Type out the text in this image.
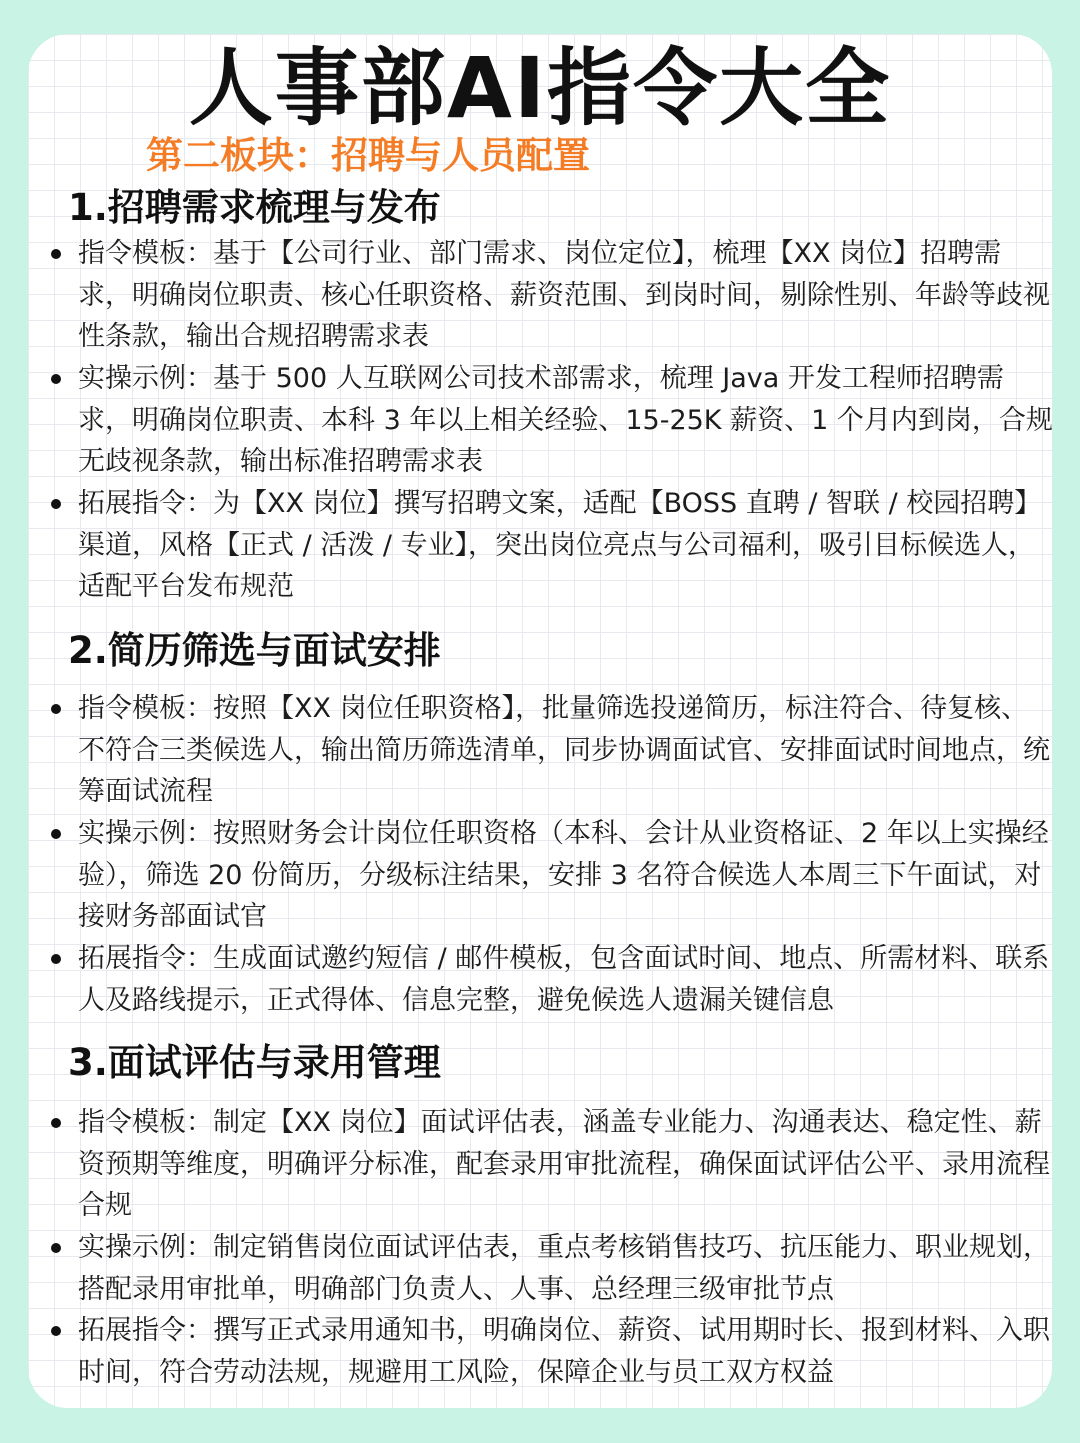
人事部AI指令大全
第二板块：招聘与人员配置
1.招聘需求梳理与发布
指令模板：基于【公司行业、部门需求、岗位定位】，梳理【XX 岗位】招聘需求，明确岗位职责、核心任职资格、薪资范围、到岗时间，剔除性别、年龄等歧视性条款，输出合规招聘需求表
实操示例：基于 500 人互联网公司技术部需求，梳理 Java 开发工程师招聘需求，明确岗位职责、本科 3 年以上相关经验、15-25K 薪资、1 个月内到岗，合规无歧视条款，输出标准招聘需求表
拓展指令：为【XX 岗位】撰写招聘文案，适配【BOSS 直聘 / 智联 / 校园招聘】渠道，风格【正式 / 活泼 / 专业】，突出岗位亮点与公司福利，吸引目标候选人，适配平台发布规范
2.简历筛选与面试安排
指令模板：按照【XX 岗位任职资格】，批量筛选投递简历，标注符合、待复核、不符合三类候选人，输出简历筛选清单，同步协调面试官、安排面试时间地点，统筹面试流程
实操示例：按照财务会计岗位任职资格（本科、会计从业资格证、2 年以上实操经验），筛选 20 份简历，分级标注结果，安排 3 名符合候选人本周三下午面试，对接财务部面试官
拓展指令：生成面试邀约短信 / 邮件模板，包含面试时间、地点、所需材料、联系人及路线提示，正式得体、信息完整，避免候选人遗漏关键信息
3.面试评估与录用管理
指令模板：制定【XX 岗位】面试评估表，涵盖专业能力、沟通表达、稳定性、薪资预期等维度，明确评分标准，配套录用审批流程，确保面试评估公平、录用流程合规
实操示例：制定销售岗位面试评估表，重点考核销售技巧、抗压能力、职业规划，搭配录用审批单，明确部门负责人、人事、总经理三级审批节点
拓展指令：撰写正式录用通知书，明确岗位、薪资、试用期时长、报到材料、入职时间，符合劳动法规，规避用工风险，保障企业与员工双方权益
